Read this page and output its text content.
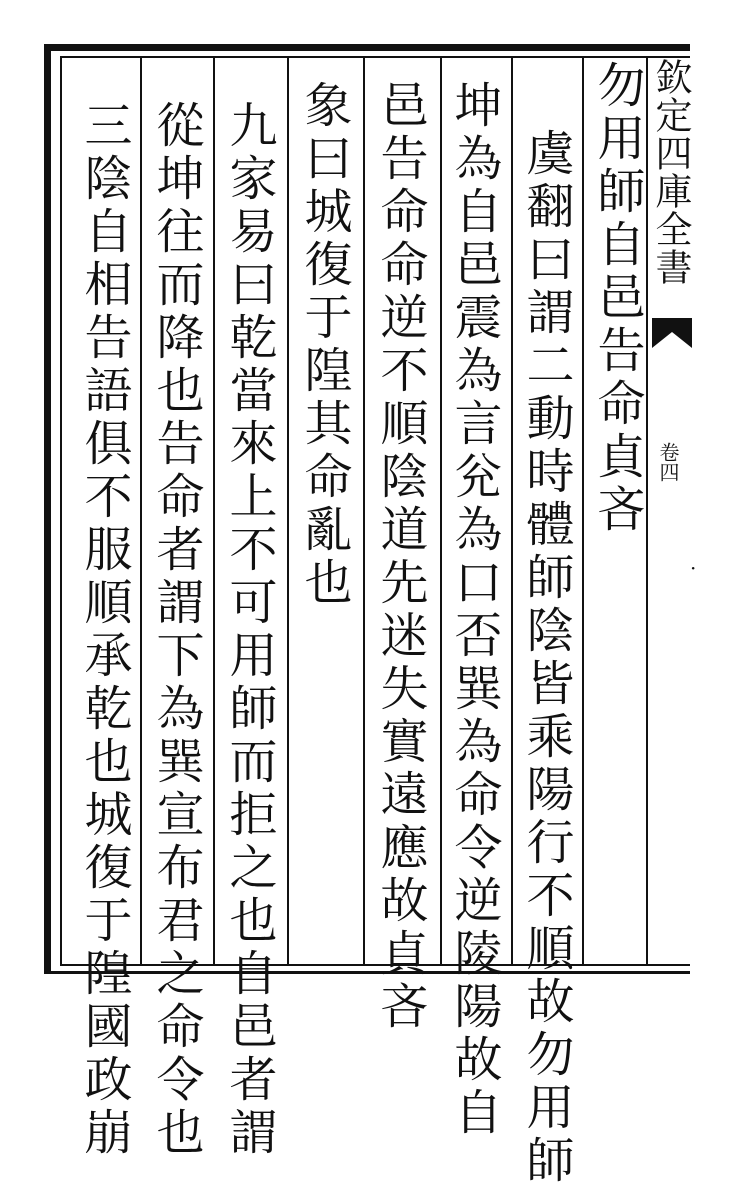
欽定四庫全書
卷四
·
勿用師自邑告命貞吝
虞翻曰謂二動時體師陰皆乘陽行不順故勿用師
坤為自邑震為言兊為口否巽為命令逆陵陽故自
邑告命命逆不順陰道先迷失實遠應故貞吝
象曰城復于隍其命亂也
九家易曰乾當來上不可用師而拒之也自邑者謂
從坤往而降也告命者謂下為巽宣布君之命令也
三陰自相告語俱不服順承乾也城復于隍國政崩
